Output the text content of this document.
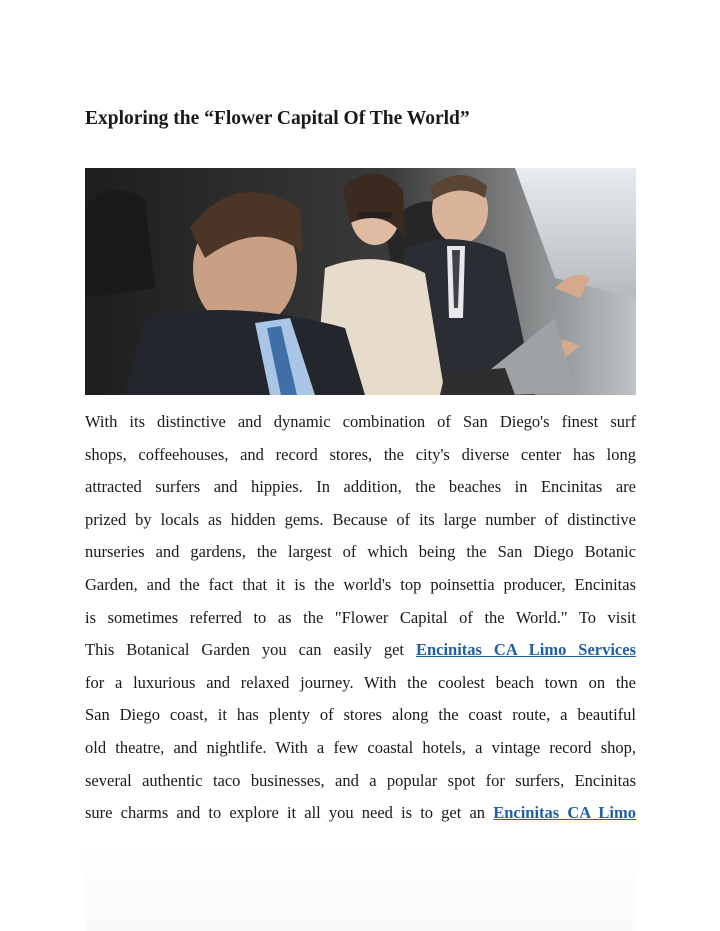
Exploring the “Flower Capital Of The World”
With its distinctive and dynamic combination of San Diego's finest surf
shops, coffeehouses, and record stores, the city's diverse center has long
attracted surfers and hippies. In addition, the beaches in Encinitas are
prized by locals as hidden gems. Because of its large number of distinctive
nurseries and gardens, the largest of which being the San Diego Botanic
Garden, and the fact that it is the world's top poinsettia producer, Encinitas
is sometimes referred to as the "Flower Capital of the World." To visit
This Botanical Garden you can easily get Encinitas CA Limo Services
for a luxurious and relaxed journey. With the coolest beach town on the
San Diego coast, it has plenty of stores along the coast route, a beautiful
old theatre, and nightlife. With a few coastal hotels, a vintage record shop,
several authentic taco businesses, and a popular spot for surfers, Encinitas
sure charms and to explore it all you need is to get an Encinitas CA Limo
